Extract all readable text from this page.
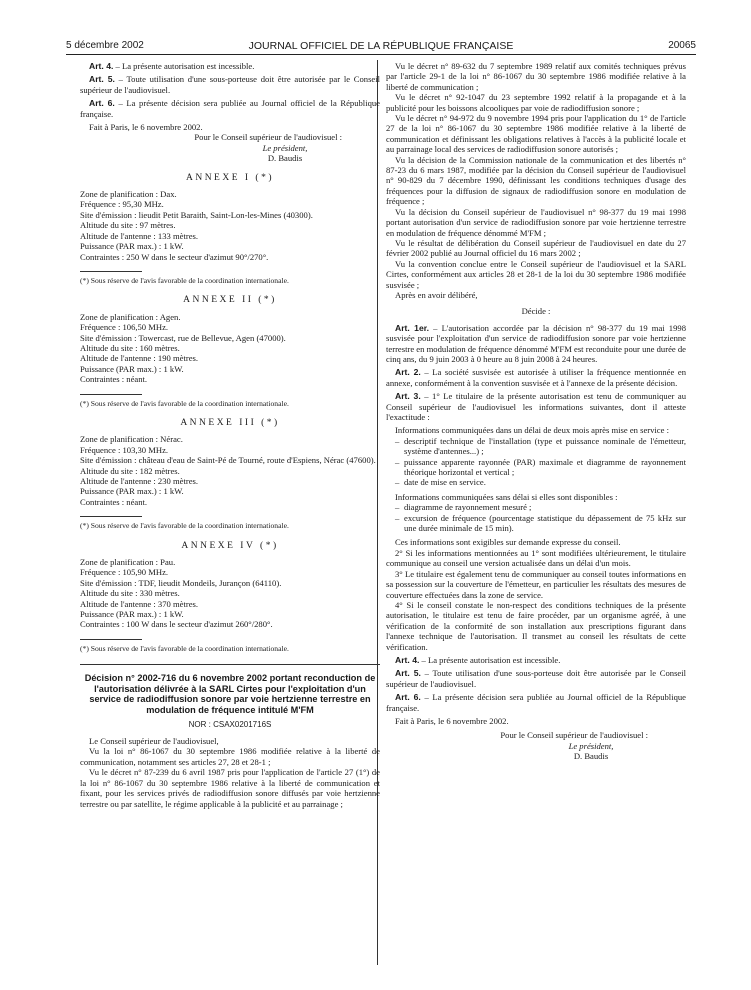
5 décembre 2002	JOURNAL OFFICIEL DE LA RÉPUBLIQUE FRANÇAISE	20065

Art. 4. – La présente autorisation est incessible.

Art. 5. – Toute utilisation d'une sous-porteuse doit être autorisée par le Conseil supérieur de l'audiovisuel.

Art. 6. – La présente décision sera publiée au Journal officiel de la République française.

Fait à Paris, le 6 novembre 2002.

Pour le Conseil supérieur de l'audiovisuel :

Le président,

D. Baudis

ANNEXE I (*)

Zone de planification : Dax.

Fréquence : 95,30 MHz.

Site d'émission : lieudit Petit Baraith, Saint-Lon-les-Mines (40300).

Altitude du site : 97 mètres.

Altitude de l'antenne : 133 mètres.

Puissance (PAR max.) : 1 kW.

Contraintes : 250 W dans le secteur d'azimut 90°/270°.

(*) Sous réserve de l'avis favorable de la coordination internationale.

ANNEXE II (*)

Zone de planification : Agen.

Fréquence : 106,50 MHz.

Site d'émission : Towercast, rue de Bellevue, Agen (47000).

Altitude du site : 160 mètres.

Altitude de l'antenne : 190 mètres.

Puissance (PAR max.) : 1 kW.

Contraintes : néant.

(*) Sous réserve de l'avis favorable de la coordination internationale.

ANNEXE III (*)

Zone de planification : Nérac.

Fréquence : 103,30 MHz.

Site d'émission : château d'eau de Saint-Pé de Tourné, route d'Espiens, Nérac (47600).

Altitude du site : 182 mètres.

Altitude de l'antenne : 230 mètres.

Puissance (PAR max.) : 1 kW.

Contraintes : néant.

(*) Sous réserve de l'avis favorable de la coordination internationale.

ANNEXE IV (*)

Zone de planification : Pau.

Fréquence : 105,90 MHz.

Site d'émission : TDF, lieudit Mondeils, Jurançon (64110).

Altitude du site : 330 mètres.

Altitude de l'antenne : 370 mètres.

Puissance (PAR max.) : 1 kW.

Contraintes : 100 W dans le secteur d'azimut 260°/280°.

(*) Sous réserve de l'avis favorable de la coordination internationale.

Décision n° 2002-716 du 6 novembre 2002 portant reconduction de l'autorisation délivrée à la SARL Cirtes pour l'exploitation d'un service de radiodiffusion sonore par voie hertzienne terrestre en modulation de fréquence intitulé M'FM

NOR : CSAX0201716S

Le Conseil supérieur de l'audiovisuel,

Vu la loi n° 86-1067 du 30 septembre 1986 modifiée relative à la liberté de communication, notamment ses articles 27, 28 et 28-1 ;

Vu le décret n° 87-239 du 6 avril 1987 pris pour l'application de l'article 27 (1°) de la loi n° 86-1067 du 30 septembre 1986 relative à la liberté de communication et fixant, pour les services privés de radiodiffusion sonore diffusés par voie hertzienne terrestre ou par satellite, le régime applicable à la publicité et au parrainage ;

Vu le décret n° 89-632 du 7 septembre 1989 relatif aux comités techniques prévus par l'article 29-1 de la loi n° 86-1067 du 30 septembre 1986 modifiée relative à la liberté de communication ;

Vu le décret n° 92-1047 du 23 septembre 1992 relatif à la propagande et à la publicité pour les boissons alcooliques par voie de radiodiffusion sonore ;

Vu le décret n° 94-972 du 9 novembre 1994 pris pour l'application du 1° de l'article 27 de la loi n° 86-1067 du 30 septembre 1986 modifiée relative à la liberté de communication et définissant les obligations relatives à l'accès à la publicité locale et au parrainage local des services de radiodiffusion sonore autorisés ;

Vu la décision de la Commission nationale de la communication et des libertés n° 87-23 du 6 mars 1987, modifiée par la décision du Conseil supérieur de l'audiovisuel n° 90-829 du 7 décembre 1990, définissant les conditions techniques d'usage des fréquences pour la diffusion de signaux de radiodiffusion sonore en modulation de fréquence ;

Vu la décision du Conseil supérieur de l'audiovisuel n° 98-377 du 19 mai 1998 portant autorisation d'un service de radiodiffusion sonore par voie hertzienne terrestre en modulation de fréquence dénommé M'FM ;

Vu le résultat de délibération du Conseil supérieur de l'audiovisuel en date du 27 février 2002 publié au Journal officiel du 16 mars 2002 ;

Vu la convention conclue entre le Conseil supérieur de l'audiovisuel et la SARL Cirtes, conformément aux articles 28 et 28-1 de la loi du 30 septembre 1986 modifiée susvisée ;

Après en avoir délibéré,

Décide :

Art. 1er. – L'autorisation accordée par la décision n° 98-377 du 19 mai 1998 susvisée pour l'exploitation d'un service de radiodiffusion sonore par voie hertzienne terrestre en modulation de fréquence dénommé M'FM est reconduite pour une durée de cinq ans, du 9 juin 2003 à 0 heure au 8 juin 2008 à 24 heures.

Art. 2. – La société susvisée est autorisée à utiliser la fréquence mentionnée en annexe, conformément à la convention susvisée et à l'annexe de la présente décision.

Art. 3. – 1° Le titulaire de la présente autorisation est tenu de communiquer au Conseil supérieur de l'audiovisuel les informations suivantes, dont il atteste l'exactitude :

Informations communiquées dans un délai de deux mois après mise en service :

– descriptif technique de l'installation (type et puissance nominale de l'émetteur, système d'antennes...) ;

– puissance apparente rayonnée (PAR) maximale et diagramme de rayonnement théorique horizontal et vertical ;

– date de mise en service.

Informations communiquées sans délai si elles sont disponibles :

– diagramme de rayonnement mesuré ;

– excursion de fréquence (pourcentage statistique du dépassement de 75 kHz sur une durée minimale de 15 min).

Ces informations sont exigibles sur demande expresse du conseil.

2° Si les informations mentionnées au 1° sont modifiées ultérieurement, le titulaire communique au conseil une version actualisée dans un délai d'un mois.

3° Le titulaire est également tenu de communiquer au conseil toutes informations en sa possession sur la couverture de l'émetteur, en particulier les résultats des mesures de couverture effectuées dans la zone de service.

4° Si le conseil constate le non-respect des conditions techniques de la présente autorisation, le titulaire est tenu de faire procéder, par un organisme agréé, à une vérification de la conformité de son installation aux prescriptions figurant dans l'annexe technique de l'autorisation. Il transmet au conseil les résultats de cette vérification.

Art. 4. – La présente autorisation est incessible.

Art. 5. – Toute utilisation d'une sous-porteuse doit être autorisée par le Conseil supérieur de l'audiovisuel.

Art. 6. – La présente décision sera publiée au Journal officiel de la République française.

Fait à Paris, le 6 novembre 2002.

Pour le Conseil supérieur de l'audiovisuel :

Le président,

D. Baudis
